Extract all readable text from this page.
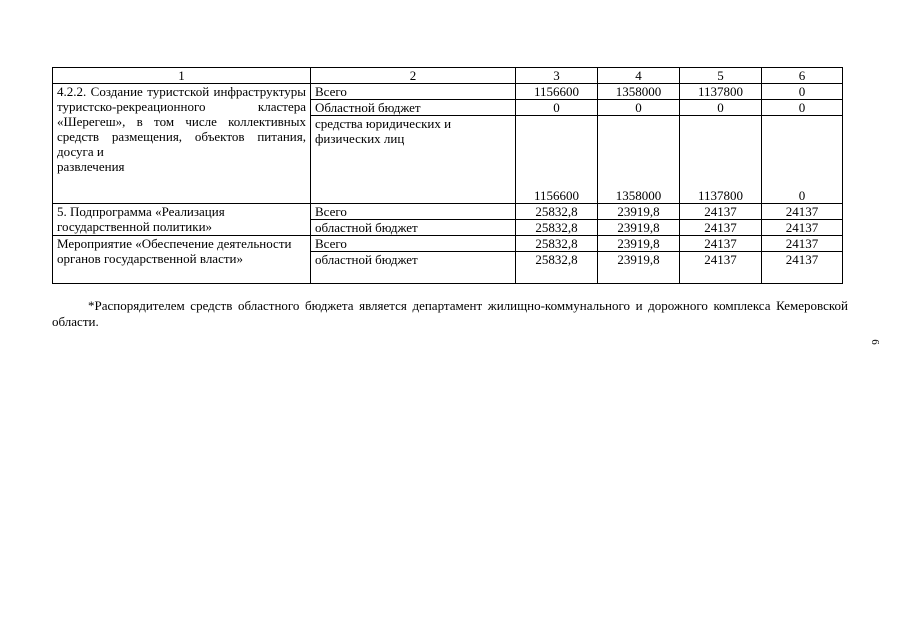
1	2	3	4	5	6
4.2.2. Создание туристской инфраструктуры туристско-рекреационного кластера «Шерегеш», в том числе коллективных средств размещения, объектов питания, досуга и
развлечения	Всего	1156600	1358000	1137800	0
	Областной бюджет	0	0	0	0
	средства юридических и физических лиц	1156600	1358000	1137800	0
5. Подпрограмма «Реализация государственной политики»	Всего	25832,8	23919,8	24137	24137
	областной бюджет	25832,8	23919,8	24137	24137
Мероприятие «Обеспечение деятельности органов государственной власти»	Всего	25832,8	23919,8	24137	24137
	областной бюджет	25832,8	23919,8	24137	24137
*Распорядителем средств областного бюджета является департамент жилищно-коммунального и дорожного комплекса Кемеровской области.
6
